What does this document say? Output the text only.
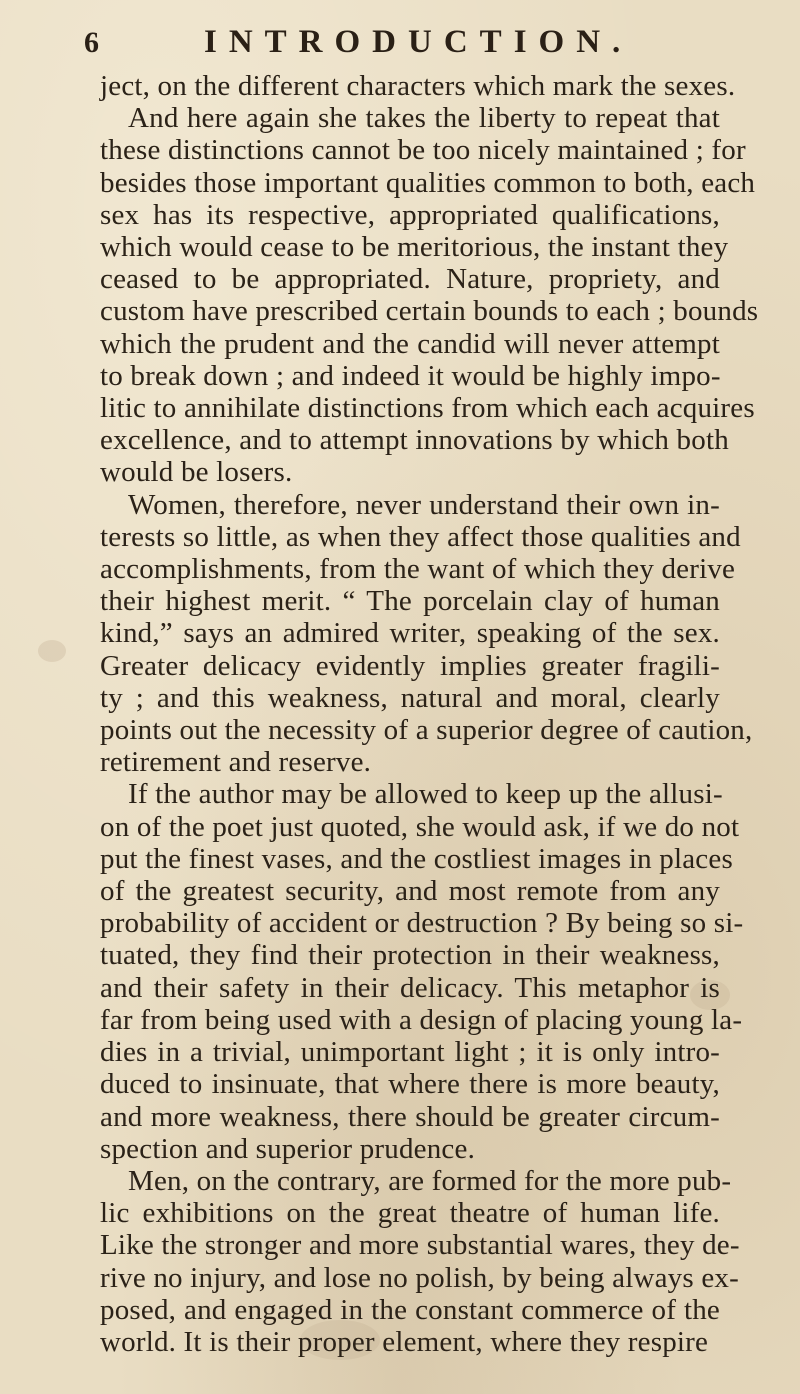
6	INTRODUCTION.
ject, on the different characters which mark the sexes.
And here again she takes the liberty to repeat that
these distinctions cannot be too nicely maintained ; for
besides those important qualities common to both, each
sex has its respective, appropriated qualifications,
which would cease to be meritorious, the instant they
ceased to be appropriated. Nature, propriety, and
custom have prescribed certain bounds to each ; bounds
which the prudent and the candid will never attempt
to break down ; and indeed it would be highly impo-
litic to annihilate distinctions from which each acquires
excellence, and to attempt innovations by which both
would be losers.
Women, therefore, never understand their own in-
terests so little, as when they affect those qualities and
accomplishments, from the want of which they derive
their highest merit. “ The porcelain clay of human
kind,” says an admired writer, speaking of the sex.
Greater delicacy evidently implies greater fragili-
ty ; and this weakness, natural and moral, clearly
points out the necessity of a superior degree of caution,
retirement and reserve.
If the author may be allowed to keep up the allusi-
on of the poet just quoted, she would ask, if we do not
put the finest vases, and the costliest images in places
of the greatest security, and most remote from any
probability of accident or destruction ? By being so si-
tuated, they find their protection in their weakness,
and their safety in their delicacy. This metaphor is
far from being used with a design of placing young la-
dies in a trivial, unimportant light ; it is only intro-
duced to insinuate, that where there is more beauty,
and more weakness, there should be greater circum-
spection and superior prudence.
Men, on the contrary, are formed for the more pub-
lic exhibitions on the great theatre of human life.
Like the stronger and more substantial wares, they de-
rive no injury, and lose no polish, by being always ex-
posed, and engaged in the constant commerce of the
world. It is their proper element, where they respire
